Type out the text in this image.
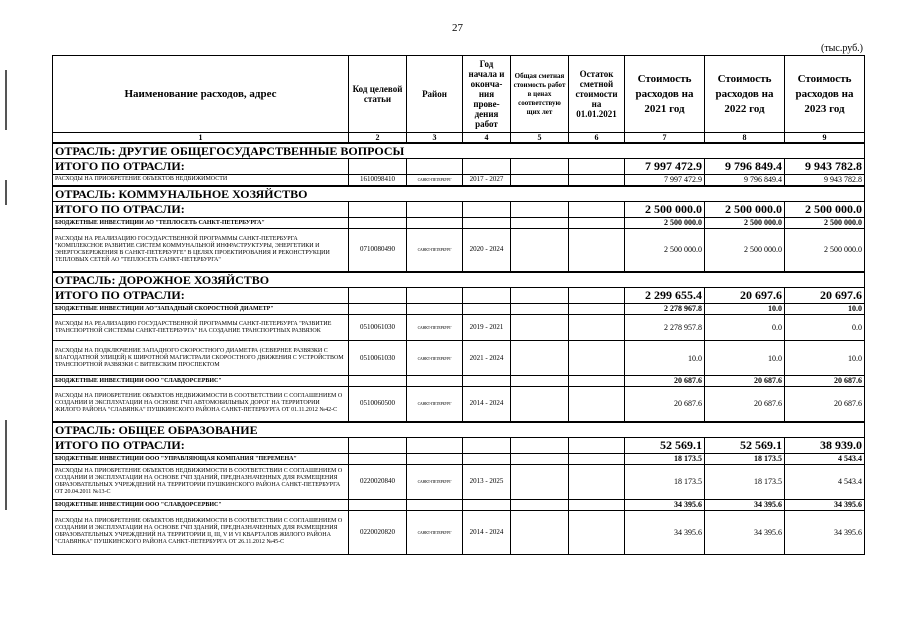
27
(тыс.руб.)
Наименование расходов, адрес	Код целевой статьи	Район	Год начала и оконча-ния прове-дения работ	Общая сметная стоимость работ в ценах соответствую щих лет	Остаток сметной стоимости на 01.01.2021	Стоимость расходов на 2021 год	Стоимость расходов на 2022 год	Стоимость расходов на 2023 год
1	2	3	4	5	6	7	8	9
ОТРАСЛЬ: ДРУГИЕ ОБЩЕГОСУДАРСТВЕННЫЕ ВОПРОСЫ								
ИТОГО ПО ОТРАСЛИ:						7 997 472.9	9 796 849.4	9 943 782.8
РАСХОДЫ НА ПРИОБРЕТЕНИЕ ОБЪЕКТОВ НЕДВИЖИМОСТИ	1610098410	САНКТ-ПЕТЕРБУРГ	2017 - 2027			7 997 472.9	9 796 849.4	9 943 782.8
ОТРАСЛЬ: КОММУНАЛЬНОЕ ХОЗЯЙСТВО								
ИТОГО ПО ОТРАСЛИ:						2 500 000.0	2 500 000.0	2 500 000.0
БЮДЖЕТНЫЕ ИНВЕСТИЦИИ АО "ТЕПЛОСЕТЬ САНКТ-ПЕТЕРБУРГА"						2 500 000.0	2 500 000.0	2 500 000.0
РАСХОДЫ НА РЕАЛИЗАЦИЮ ГОСУДАРСТВЕННОЙ ПРОГРАММЫ САНКТ-ПЕТЕРБУРГА "КОМПЛЕКСНОЕ РАЗВИТИЕ СИСТЕМ КОММУНАЛЬНОЙ ИНФРАСТРУКТУРЫ, ЭНЕРГЕТИКИ И ЭНЕРГОСБЕРЕЖЕНИЯ В САНКТ-ПЕТЕРБУРГЕ" В ЦЕЛЯХ ПРОЕКТИРОВАНИЯ И РЕКОНСТРУКЦИИ ТЕПЛОВЫХ СЕТЕЙ АО "ТЕПЛОСЕТЬ САНКТ-ПЕТЕРБУРГА"	0710080490	САНКТ-ПЕТЕРБУРГ	2020 - 2024			2 500 000.0	2 500 000.0	2 500 000.0
ОТРАСЛЬ: ДОРОЖНОЕ ХОЗЯЙСТВО								
ИТОГО ПО ОТРАСЛИ:						2 299 655.4	20 697.6	20 697.6
БЮДЖЕТНЫЕ ИНВЕСТИЦИИ АО"ЗАПАДНЫЙ СКОРОСТНОЙ ДИАМЕТР"						2 278 967.8	10.0	10.0
РАСХОДЫ НА РЕАЛИЗАЦИЮ ГОСУДАРСТВЕННОЙ ПРОГРАММЫ САНКТ-ПЕТЕРБУРГА "РАЗВИТИЕ ТРАНСПОРТНОЙ СИСТЕМЫ САНКТ-ПЕТЕРБУРГА" НА СОЗДАНИЕ ТРАНСПОРТНЫХ РАЗВЯЗОК	0510061030	САНКТ-ПЕТЕРБУРГ	2019 - 2021			2 278 957.8	0.0	0.0
РАСХОДЫ НА ПОДКЛЮЧЕНИЕ ЗАПАДНОГО СКОРОСТНОГО ДИАМЕТРА (СЕВЕРНЕЕ РАЗВЯЗКИ С БЛАГОДАТНОЙ УЛИЦЕЙ) К ШИРОТНОЙ МАГИСТРАЛИ СКОРОСТНОГО ДВИЖЕНИЯ С УСТРОЙСТВОМ ТРАНСПОРТНОЙ РАЗВЯЗКИ С ВИТЕБСКИМ ПРОСПЕКТОМ	0510061030	САНКТ-ПЕТЕРБУРГ	2021 - 2024			10.0	10.0	10.0
БЮДЖЕТНЫЕ ИНВЕСТИЦИИ ООО "СЛАВДОРСЕРВИС"						20 687.6	20 687.6	20 687.6
РАСХОДЫ НА ПРИОБРЕТЕНИЕ ОБЪЕКТОВ НЕДВИЖИМОСТИ В СООТВЕТСТВИИ С СОГЛАШЕНИЕМ О СОЗДАНИИ И ЭКСПЛУАТАЦИИ НА ОСНОВЕ ГЧП АВТОМОБИЛЬНЫХ ДОРОГ НА ТЕРРИТОРИИ ЖИЛОГО РАЙОНА "СЛАВЯНКА" ПУШКИНСКОГО РАЙОНА САНКТ-ПЕТЕРБУРГА ОТ 01.11.2012 №42-С	0510060500	САНКТ-ПЕТЕРБУРГ	2014 - 2024			20 687.6	20 687.6	20 687.6
ОТРАСЛЬ: ОБЩЕЕ ОБРАЗОВАНИЕ								
ИТОГО ПО ОТРАСЛИ:						52 569.1	52 569.1	38 939.0
БЮДЖЕТНЫЕ ИНВЕСТИЦИИ ООО "УПРАВЛЯЮЩАЯ КОМПАНИЯ "ПЕРЕМЕНА"						18 173.5	18 173.5	4 543.4
РАСХОДЫ НА ПРИОБРЕТЕНИЕ ОБЪЕКТОВ НЕДВИЖИМОСТИ В СООТВЕТСТВИИ С СОГЛАШЕНИЕМ О СОЗДАНИИ И ЭКСПЛУАТАЦИИ НА ОСНОВЕ ГЧП ЗДАНИЙ, ПРЕДНАЗНАЧЕННЫХ ДЛЯ РАЗМЕЩЕНИЯ ОБРАЗОВАТЕЛЬНЫХ УЧРЕЖДЕНИЙ НА ТЕРРИТОРИИ ПУШКИНСКОГО РАЙОНА САНКТ-ПЕТЕРБУРГА ОТ 20.04.2011 №13-С	0220020840	САНКТ-ПЕТЕРБУРГ	2013 - 2025			18 173.5	18 173.5	4 543.4
БЮДЖЕТНЫЕ ИНВЕСТИЦИИ ООО "СЛАВДОРСЕРВИС"						34 395.6	34 395.6	34 395.6
РАСХОДЫ НА ПРИОБРЕТЕНИЕ ОБЪЕКТОВ НЕДВИЖИМОСТИ В СООТВЕТСТВИИ С СОГЛАШЕНИЕМ О СОЗДАНИИ И ЭКСПЛУАТАЦИИ НА ОСНОВЕ ГЧП ЗДАНИЙ, ПРЕДНАЗНАЧЕННЫХ ДЛЯ РАЗМЕЩЕНИЯ ОБРАЗОВАТЕЛЬНЫХ УЧРЕЖДЕНИЙ НА ТЕРРИТОРИИ II, III, V И VI КВАРТАЛОВ ЖИЛОГО РАЙОНА "СЛАВЯНКА" ПУШКИНСКОГО РАЙОНА САНКТ-ПЕТЕРБУРГА ОТ 26.11.2012 №45-С	0220020820	САНКТ-ПЕТЕРБУРГ	2014 - 2024			34 395.6	34 395.6	34 395.6
